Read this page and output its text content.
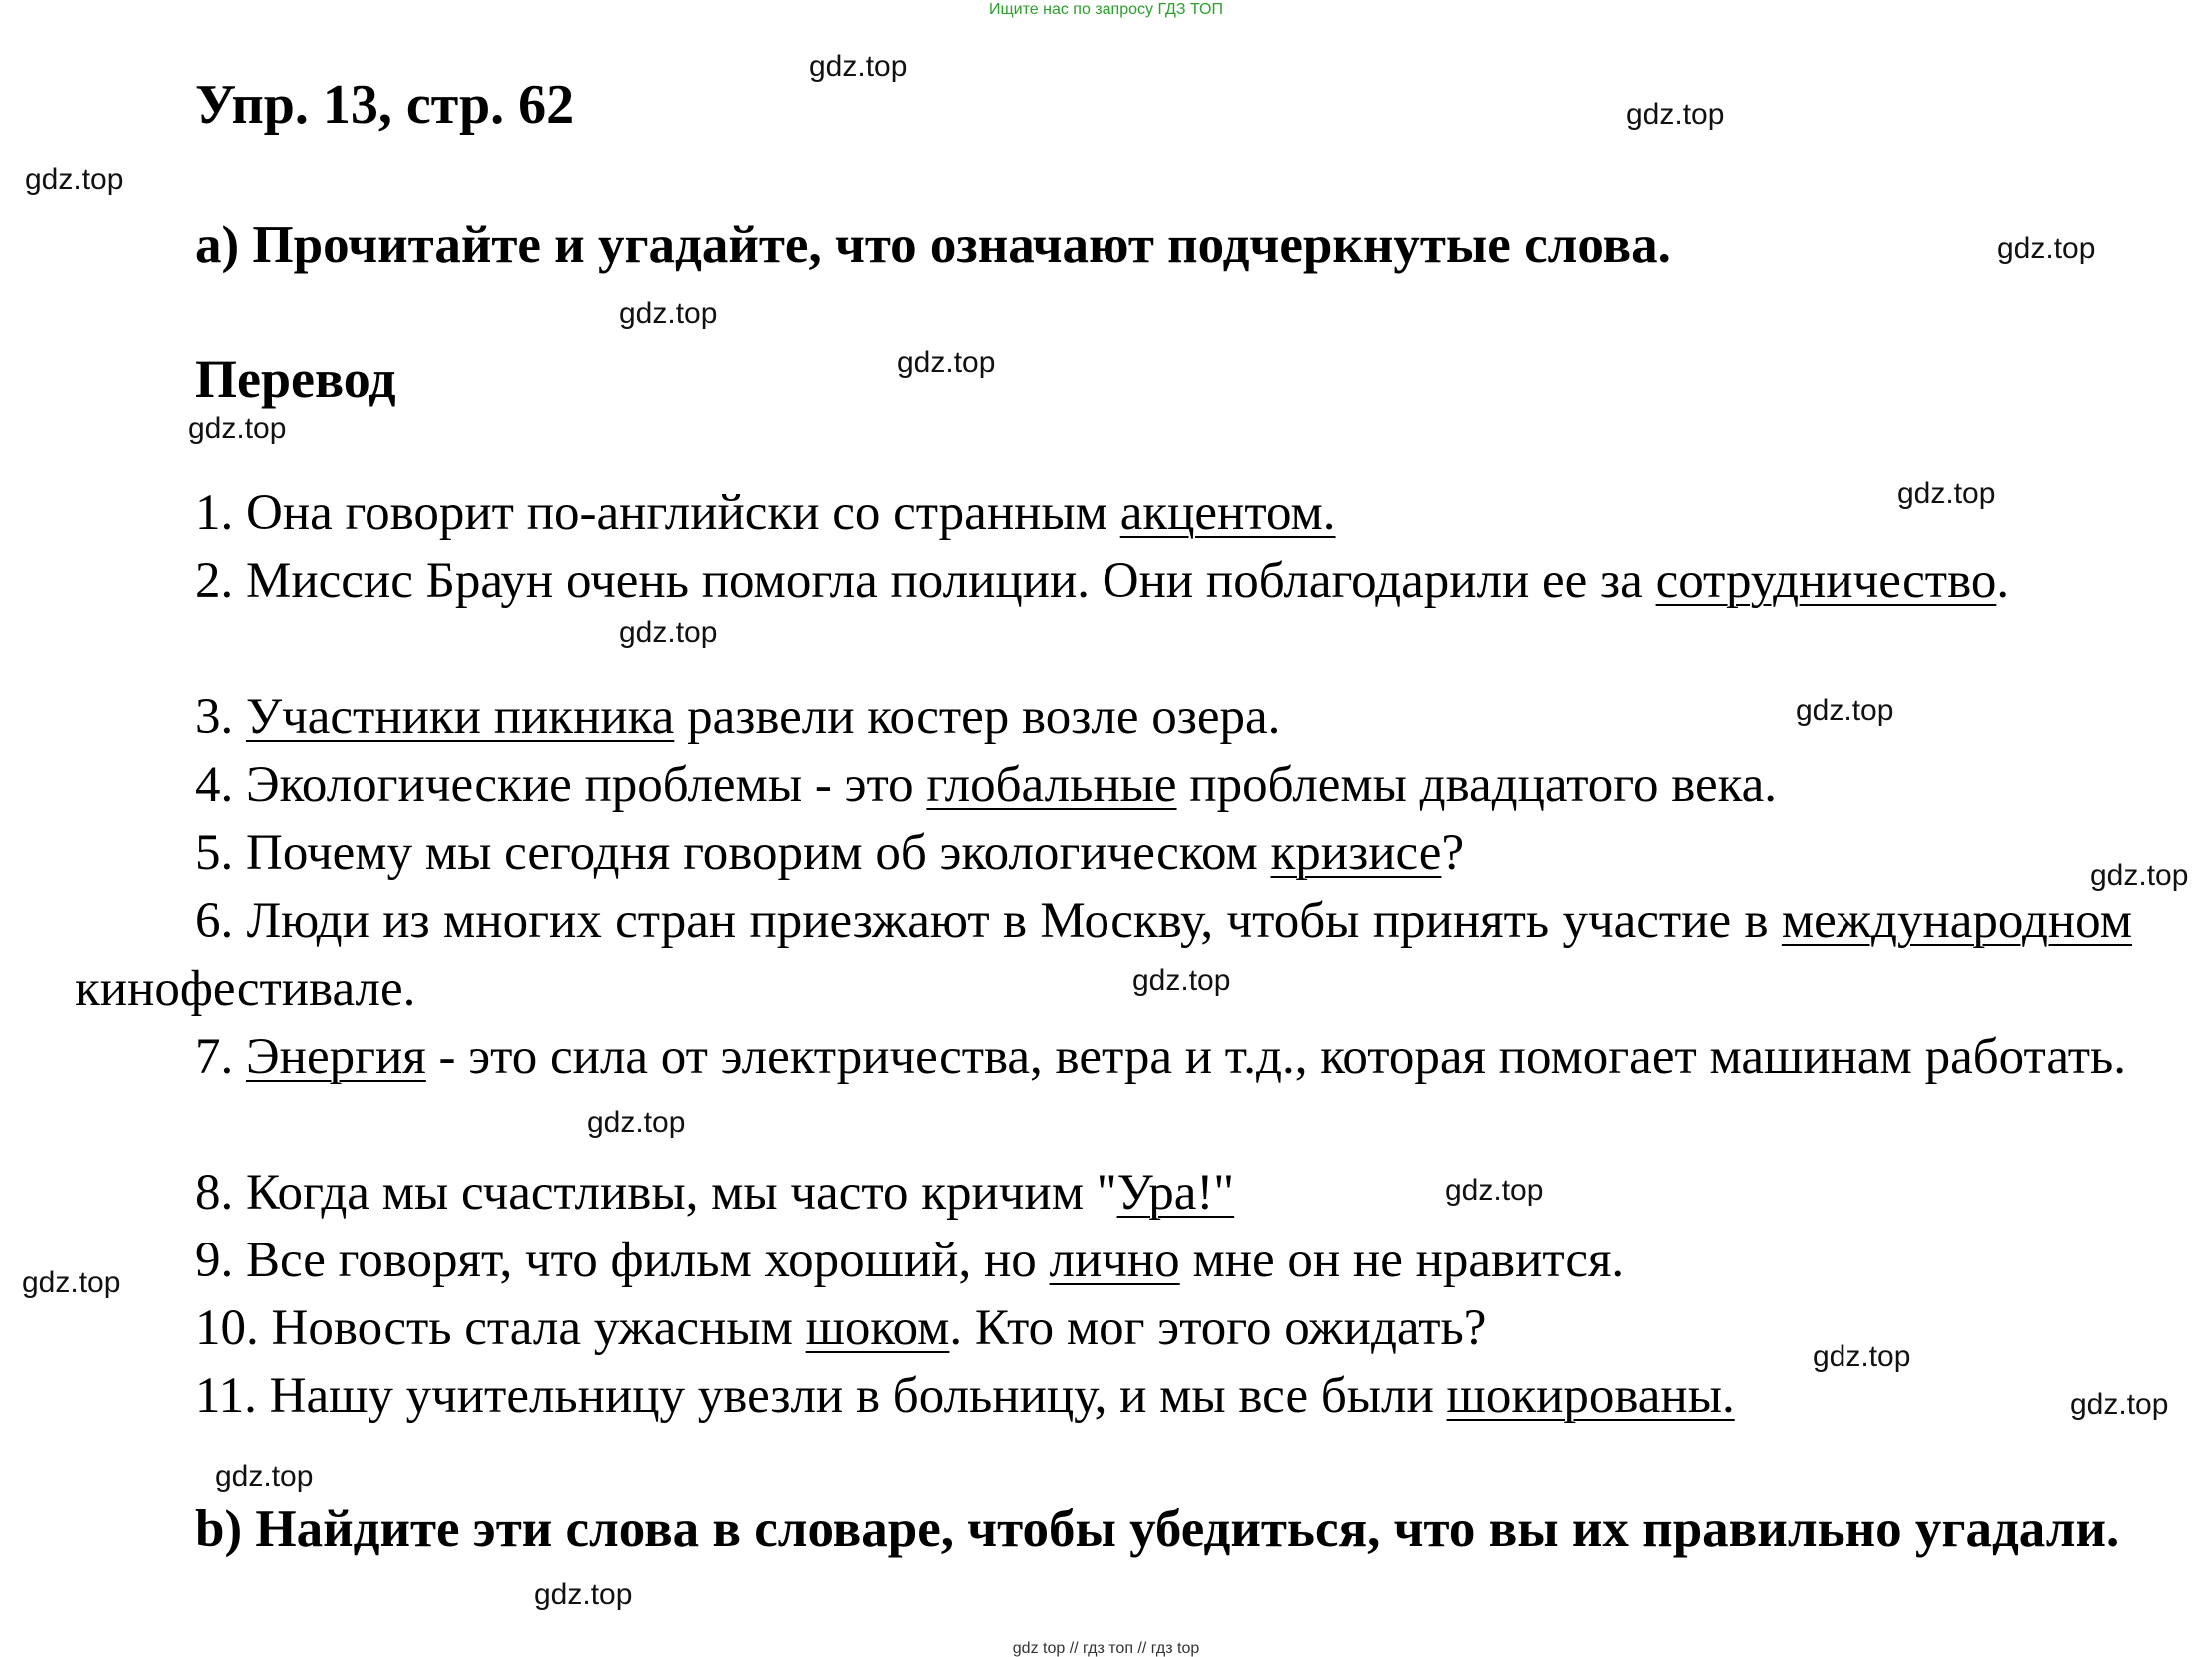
Ищите нас по запросу ГДЗ ТОП
Упр. 13, стр. 62
a) Прочитайте и угадайте, что означают подчеркнутые слова.
Перевод
1. Она говорит по-английски со странным акцентом.
2. Миссис Браун очень помогла полиции. Они поблагодарили ее за сотрудничество.
3. Участники пикника развели костер возле озера.
4. Экологические проблемы - это глобальные проблемы двадцатого века.
5. Почему мы сегодня говорим об экологическом кризисе?
6. Люди из многих стран приезжают в Москву, чтобы принять участие в международном кинофестивале.
7. Энергия - это сила от электричества, ветра и т.д., которая помогает машинам работать.
8. Когда мы счастливы, мы часто кричим "Ура!"
9. Все говорят, что фильм хороший, но лично мне он не нравится.
10. Новость стала ужасным шоком. Кто мог этого ожидать?
11. Нашу учительницу увезли в больницу, и мы все были шокированы.
b) Найдите эти слова в словаре, чтобы убедиться, что вы их правильно угадали.
gdz.top
gdz.top
gdz.top
gdz.top
gdz.top
gdz.top
gdz.top
gdz.top
gdz.top
gdz.top
gdz.top
gdz.top
gdz.top
gdz.top
gdz.top
gdz.top
gdz.top
gdz.top
gdz.top
gdz top // гдз топ // гдз top
